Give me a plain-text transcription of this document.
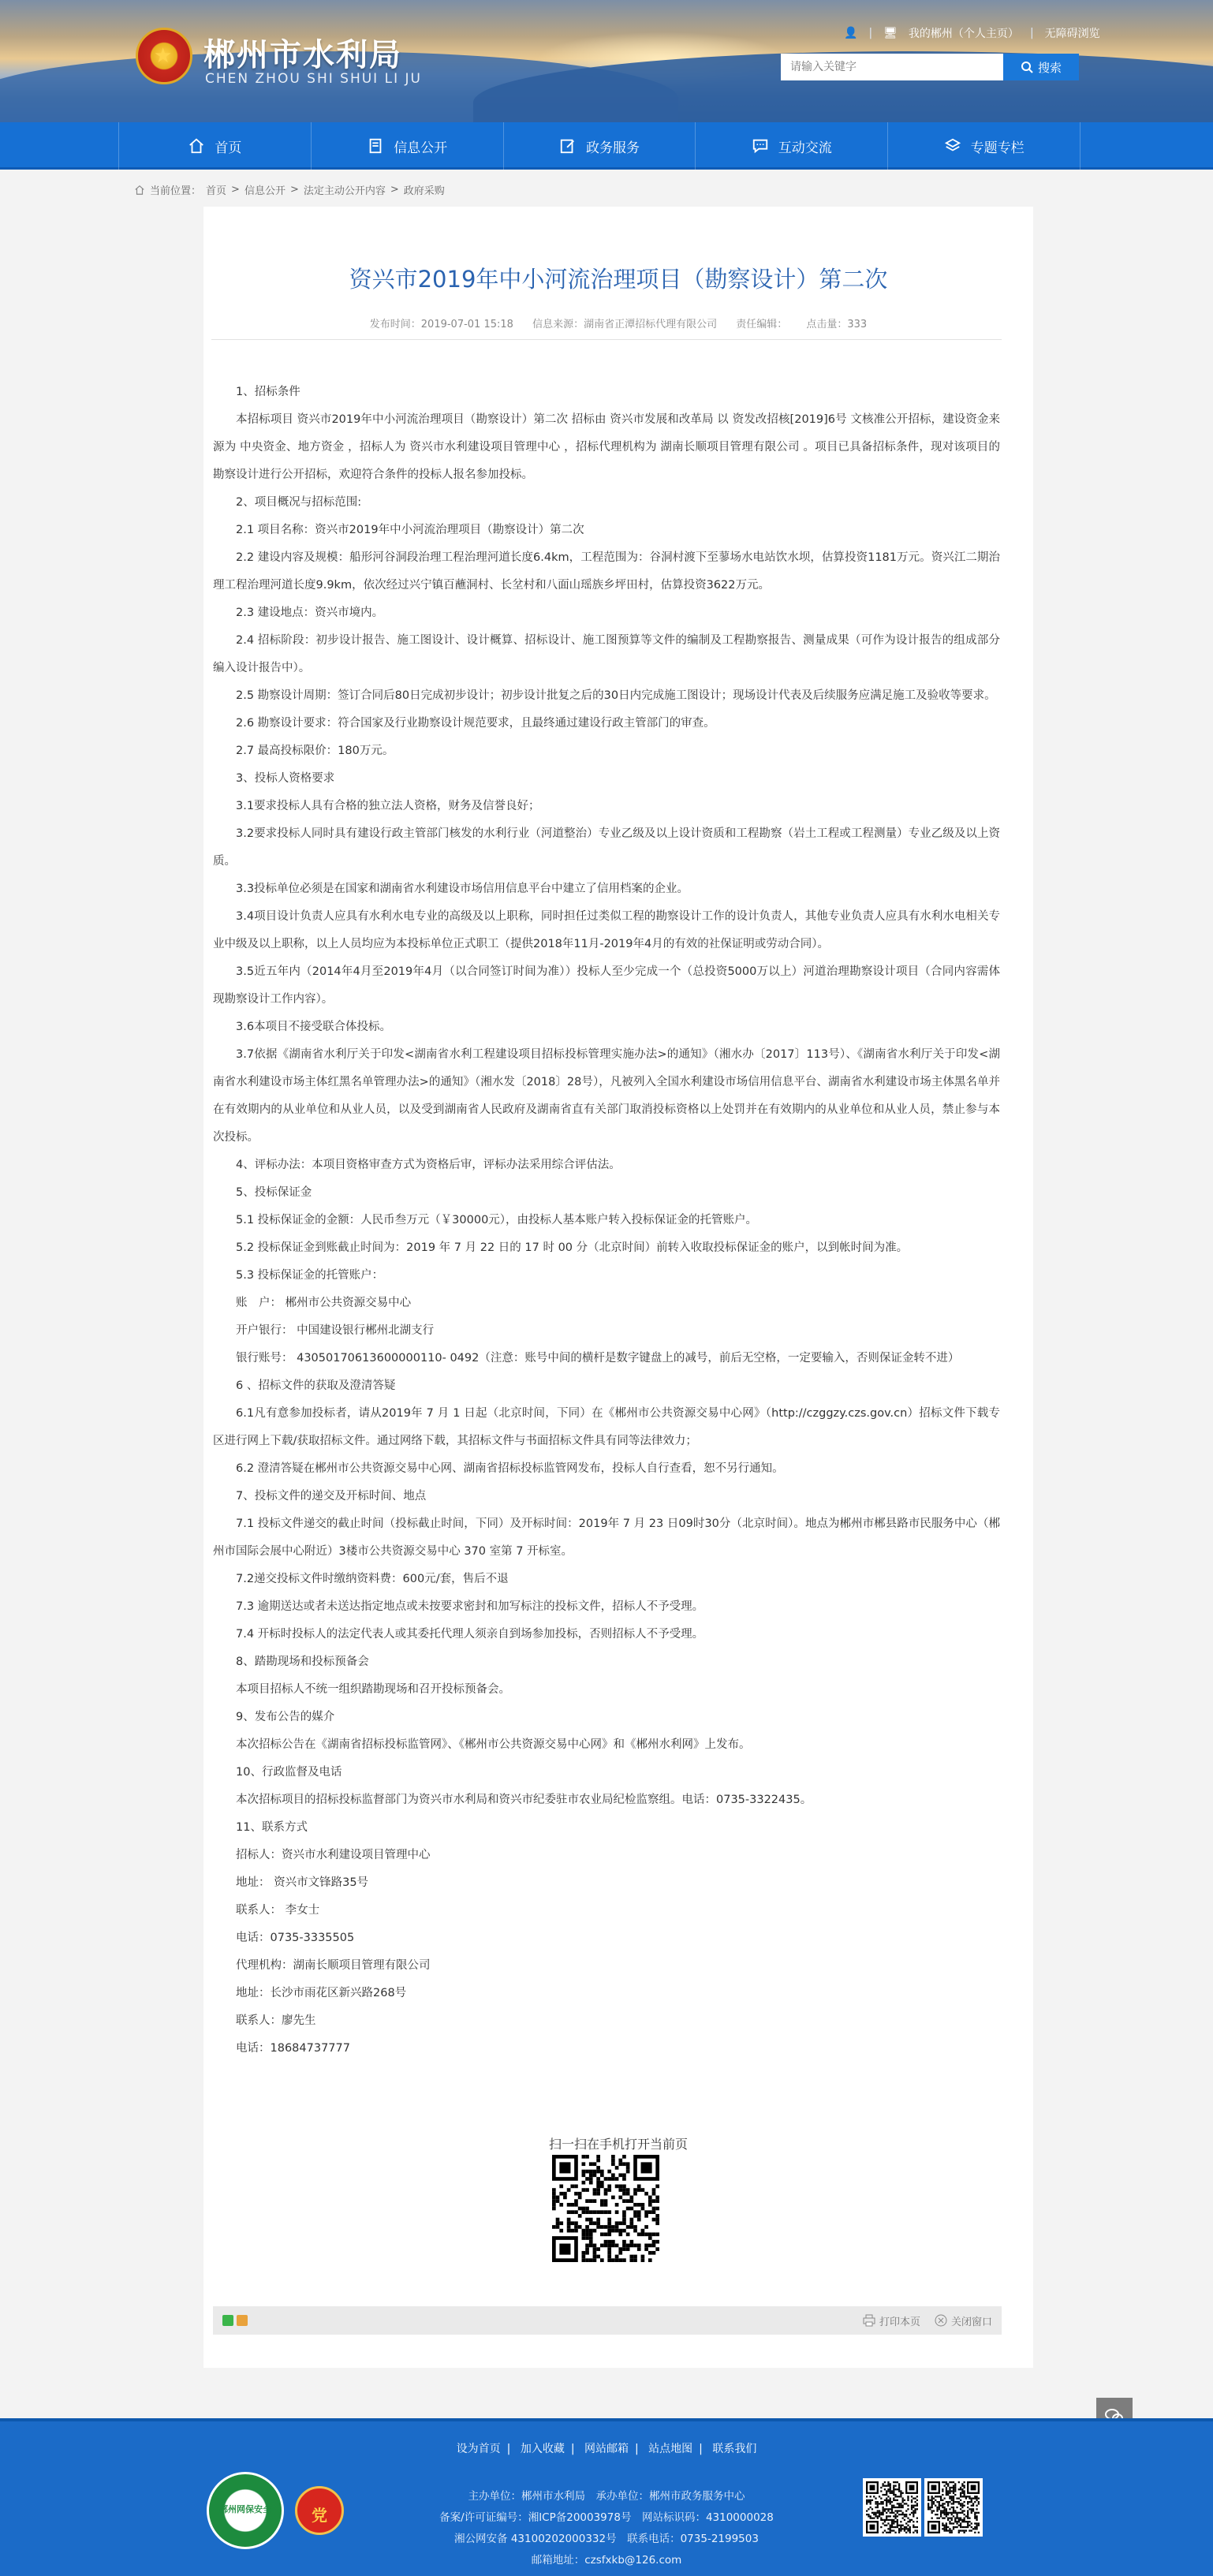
★ 郴州市水利局
CHEN ZHOU SHI SHUI LI JU
👤 | 🖥 我的郴州（个人主页） | 无障碍浏览
请输入关键字
搜索
首页	信息公开	政务服务	互动交流	专题专栏
当前位置： 首页 > 信息公开 > 法定主动公开内容 > 政府采购
资兴市2019年中小河流治理项目（勘察设计）第二次
发布时间：2019-07-01 15:18 信息来源：湖南省正潭招标代理有限公司 责任编辑： 点击量：333

1、招标条件

本招标项目 资兴市2019年中小河流治理项目（勘察设计）第二次 招标由 资兴市发展和改革局 以 资发改招核[2019]6号 文核准公开招标，建设资金来源为 中央资金、地方资金 ，招标人为 资兴市水利建设项目管理中心 ，招标代理机构为 湖南长顺项目管理有限公司 。项目已具备招标条件，现对该项目的勘察设计进行公开招标，欢迎符合条件的投标人报名参加投标。

2、项目概况与招标范围:

2.1 项目名称：资兴市2019年中小河流治理项目（勘察设计）第二次

2.2 建设内容及规模：船形河谷洞段治理工程治理河道长度6.4km，工程范围为：谷洞村渡下至蓼场水电站饮水坝，估算投资1181万元。资兴江二期治理工程治理河道长度9.9km，依次经过兴宁镇百蘸洞村、长坌村和八面山瑶族乡坪田村，估算投资3622万元。

2.3 建设地点：资兴市境内。

2.4 招标阶段：初步设计报告、施工图设计、设计概算、招标设计、施工图预算等文件的编制及工程勘察报告、测量成果（可作为设计报告的组成部分编入设计报告中）。

2.5 勘察设计周期：签订合同后80日完成初步设计；初步设计批复之后的30日内完成施工图设计；现场设计代表及后续服务应满足施工及验收等要求。

2.6 勘察设计要求：符合国家及行业勘察设计规范要求，且最终通过建设行政主管部门的审查。

2.7 最高投标限价：180万元。

3、投标人资格要求

3.1要求投标人具有合格的独立法人资格，财务及信誉良好；

3.2要求投标人同时具有建设行政主管部门核发的水利行业（河道整治）专业乙级及以上设计资质和工程勘察（岩土工程或工程测量）专业乙级及以上资质。

3.3投标单位必须是在国家和湖南省水利建设市场信用信息平台中建立了信用档案的企业。

3.4项目设计负责人应具有水利水电专业的高级及以上职称，同时担任过类似工程的勘察设计工作的设计负责人，其他专业负责人应具有水利水电相关专业中级及以上职称，以上人员均应为本投标单位正式职工（提供2018年11月-2019年4月的有效的社保证明或劳动合同）。

3.5近五年内（2014年4月至2019年4月（以合同签订时间为准））投标人至少完成一个（总投资5000万以上）河道治理勘察设计项目（合同内容需体现勘察设计工作内容）。

3.6本项目不接受联合体投标。

3.7依据《湖南省水利厅关于印发<湖南省水利工程建设项目招标投标管理实施办法>的通知》（湘水办〔2017〕113号）、《湖南省水利厅关于印发<湖南省水利建设市场主体红黑名单管理办法>的通知》（湘水发〔2018〕28号），凡被列入全国水利建设市场信用信息平台、湖南省水利建设市场主体黑名单并在有效期内的从业单位和从业人员，以及受到湖南省人民政府及湖南省直有关部门取消投标资格以上处罚并在有效期内的从业单位和从业人员，禁止参与本次投标。

4、评标办法：本项目资格审查方式为资格后审，评标办法采用综合评估法。

5、投标保证金

5.1 投标保证金的金额：人民币叁万元（￥30000元），由投标人基本账户转入投标保证金的托管账户。

5.2 投标保证金到账截止时间为：2019 年 7 月 22 日的 17 时 00 分（北京时间）前转入收取投标保证金的账户，以到帐时间为准。

5.3 投标保证金的托管账户：

账　户： 郴州市公共资源交易中心

开户银行： 中国建设银行郴州北湖支行

银行账号： 43050170613600000110- 0492（注意：账号中间的横杆是数字键盘上的减号，前后无空格，一定要输入，否则保证金转不进）

6 、招标文件的获取及澄清答疑

6.1凡有意参加投标者，请从2019年 7 月 1 日起（北京时间，下同）在《郴州市公共资源交易中心网》（http://czggzy.czs.gov.cn）招标文件下载专区进行网上下载/获取招标文件。通过网络下载，其招标文件与书面招标文件具有同等法律效力；

6.2 澄清答疑在郴州市公共资源交易中心网、湖南省招标投标监管网发布，投标人自行查看，恕不另行通知。

7、投标文件的递交及开标时间、地点

7.1 投标文件递交的截止时间（投标截止时间，下同）及开标时间：2019年 7 月 23 日09时30分（北京时间）。地点为郴州市郴县路市民服务中心（郴州市国际会展中心附近）3楼市公共资源交易中心 370 室第 7 开标室。

7.2递交投标文件时缴纳资料费：600元/套，售后不退

7.3 逾期送达或者未送达指定地点或未按要求密封和加写标注的投标文件，招标人不予受理。

7.4 开标时投标人的法定代表人或其委托代理人须亲自到场参加投标，否则招标人不予受理。

8、踏勘现场和投标预备会

本项目招标人不统一组织踏勘现场和召开投标预备会。

9、发布公告的媒介

本次招标公告在《湖南省招标投标监管网》、《郴州市公共资源交易中心网》和《郴州水利网》上发布。

10、行政监督及电话

本次招标项目的招标投标监督部门为资兴市水利局和资兴市纪委驻市农业局纪检监察组。电话：0735-3322435。

11、联系方式

招标人：资兴市水利建设项目管理中心

地址： 资兴市文锋路35号

联系人： 李女士

电话：0735-3335505

代理机构：湖南长顺项目管理有限公司

地址：长沙市雨花区新兴路268号

联系人：廖先生

电话：18684737777

扫一扫在手机打开当前页
打印本页	关闭窗口
设为首页 | 加入收藏 | 网站邮箱 | 站点地图 | 联系我们
郴州网保安全	党
主办单位：郴州市水利局　承办单位：郴州市政务服务中心
备案/许可证编号：湘ICP备20003978号　网站标识码：4310000028
湘公网安备 43100202000332号　联系电话：0735-2199503
邮箱地址：czsfxkb@126.com
